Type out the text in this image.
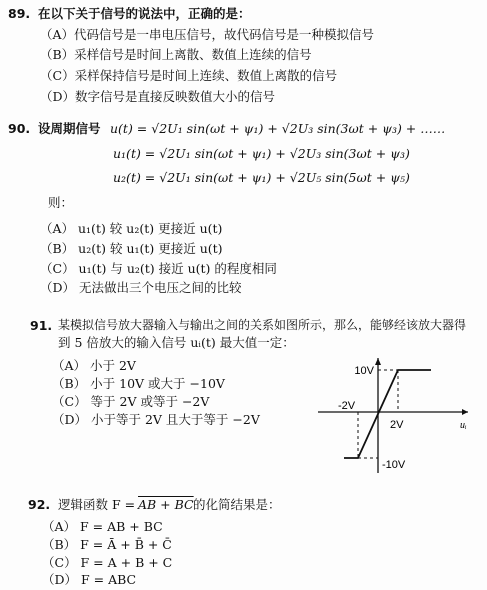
89. 在以下关于信号的说法中，正确的是：
（A）代码信号是一串电压信号，故代码信号是一种模拟信号
（B）采样信号是时间上离散、数值上连续的信号
（C）采样保持信号是时间上连续、数值上离散的信号
（D）数字信号是直接反映数值大小的信号
90. 设周期信号 u(t) = √2U₁ sin(ωt + ψ₁) + √2U₃ sin(3ωt + ψ₃) + ……
u₁(t) = √2U₁ sin(ωt + ψ₁) + √2U₃ sin(3ωt + ψ₃)
u₂(t) = √2U₁ sin(ωt + ψ₁) + √2U₅ sin(5ωt + ψ₅)
则：
（A） u₁(t) 较 u₂(t) 更接近 u(t)
（B） u₂(t) 较 u₁(t) 更接近 u(t)
（C） u₁(t) 与 u₂(t) 接近 u(t) 的程度相同
（D） 无法做出三个电压之间的比较
91. 某模拟信号放大器输入与输出之间的关系如图所示，那么，能够经该放大器得
到 5 倍放大的输入信号 uᵢ(t) 最大值一定：
（A） 小于 2V
（B） 小于 10V 或大于 −10V
（C） 等于 2V 或等于 −2V
（D） 小于等于 2V 且大于等于 −2V
10V
-2V
2V
-10V
uᵢ
92. 逻辑函数 F = AB + BC 的化简结果是：
（A） F = AB + BC
（B） F = Ā + B̄ + C̄
（C） F = A + B + C
（D） F = ABC
